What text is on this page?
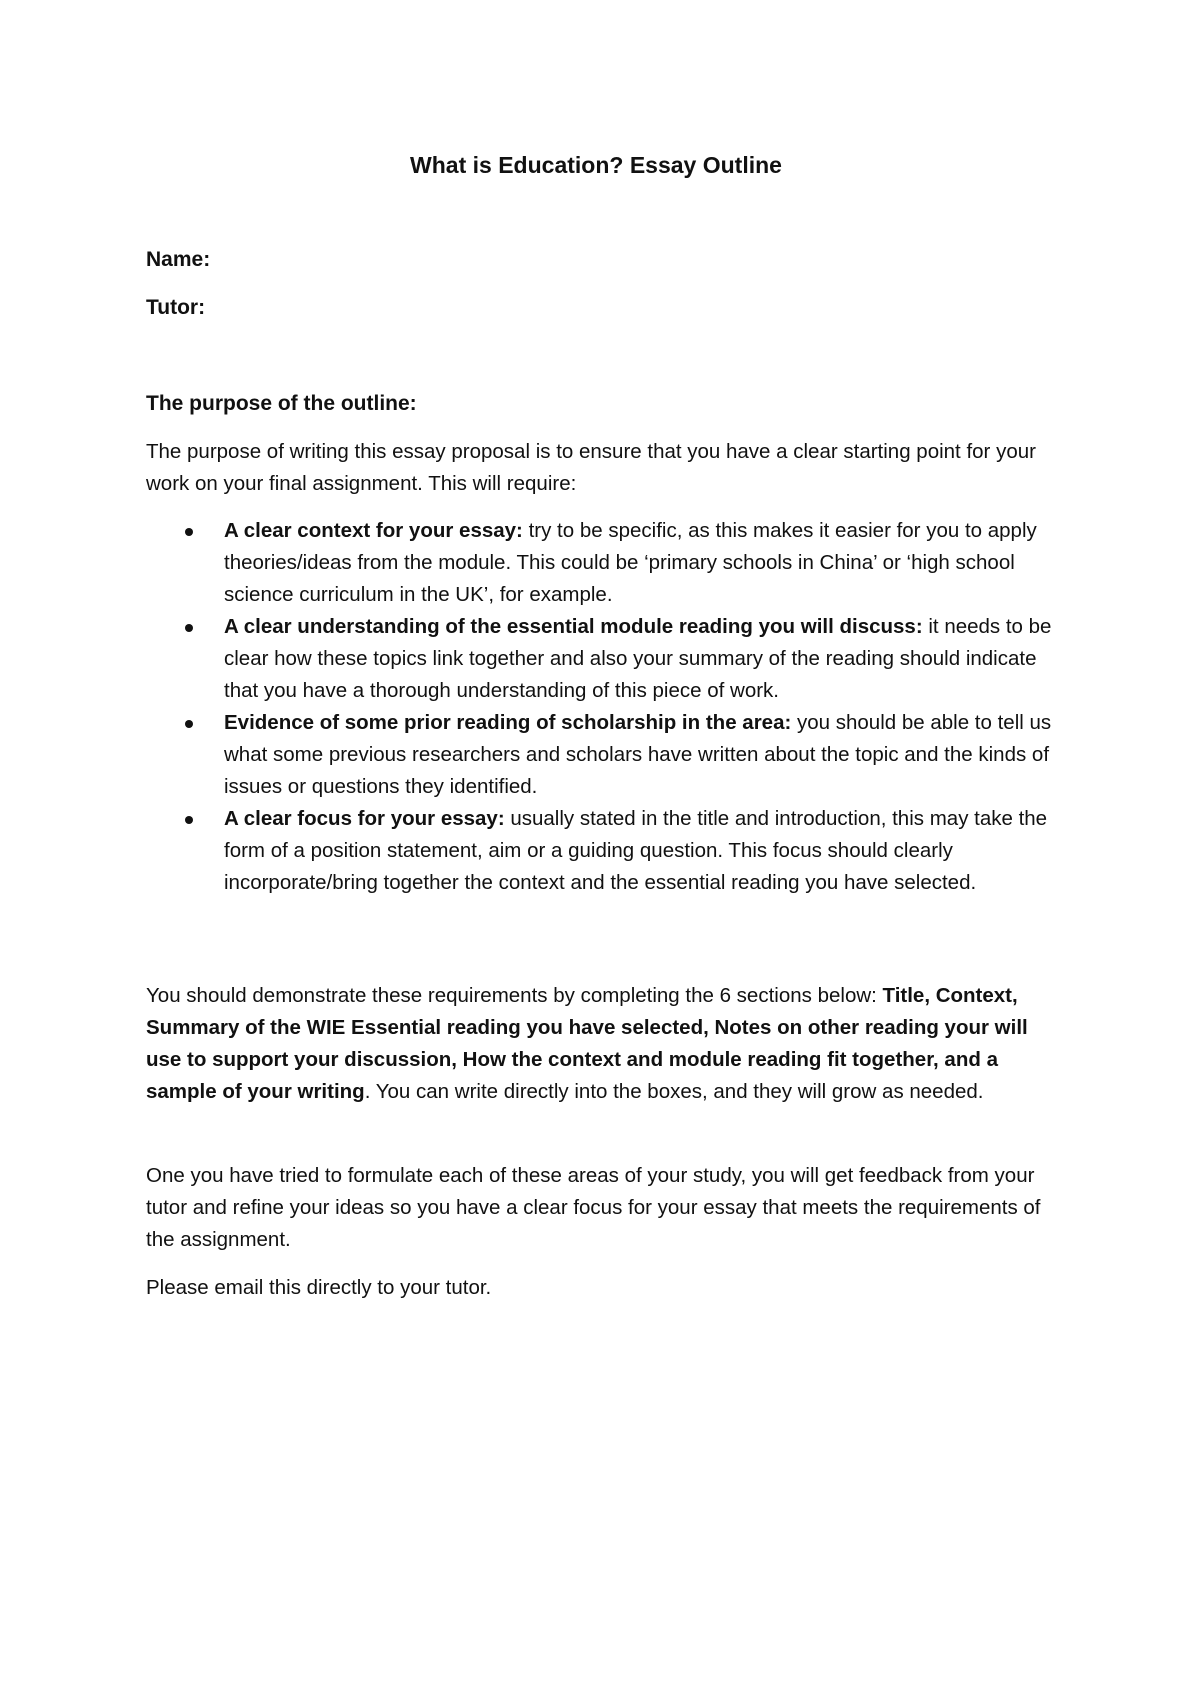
What is Education? Essay Outline
Name:
Tutor:
The purpose of the outline:
The purpose of writing this essay proposal is to ensure that you have a clear starting point for your work on your final assignment. This will require:
A clear context for your essay: try to be specific, as this makes it easier for you to apply theories/ideas from the module. This could be ‘primary schools in China’ or ‘high school science curriculum in the UK’, for example.
A clear understanding of the essential module reading you will discuss: it needs to be clear how these topics link together and also your summary of the reading should indicate that you have a thorough understanding of this piece of work.
Evidence of some prior reading of scholarship in the area: you should be able to tell us what some previous researchers and scholars have written about the topic and the kinds of issues or questions they identified.
A clear focus for your essay: usually stated in the title and introduction, this may take the form of a position statement, aim or a guiding question. This focus should clearly incorporate/bring together the context and the essential reading you have selected.
You should demonstrate these requirements by completing the 6 sections below: Title, Context, Summary of the WIE Essential reading you have selected, Notes on other reading your will use to support your discussion, How the context and module reading fit together, and a sample of your writing. You can write directly into the boxes, and they will grow as needed.
One you have tried to formulate each of these areas of your study, you will get feedback from your tutor and refine your ideas so you have a clear focus for your essay that meets the requirements of the assignment.
Please email this directly to your tutor.
